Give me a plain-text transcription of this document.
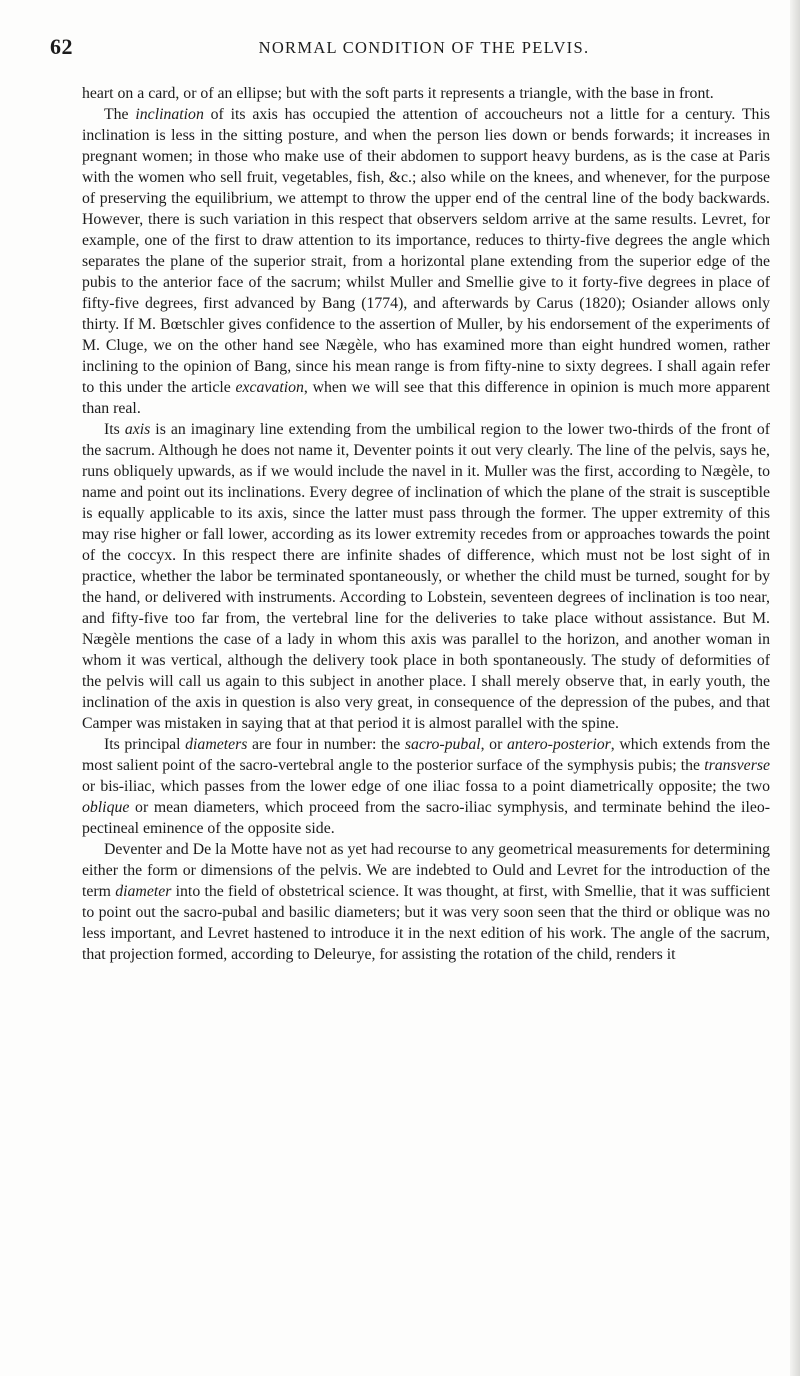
62	NORMAL CONDITION OF THE PELVIS.

heart on a card, or of an ellipse; but with the soft parts it represents a triangle, with the base in front.

The inclination of its axis has occupied the attention of accoucheurs not a little for a century. This inclination is less in the sitting posture, and when the person lies down or bends forwards; it increases in pregnant women; in those who make use of their abdomen to support heavy burdens, as is the case at Paris with the women who sell fruit, vegetables, fish, &c.; also while on the knees, and whenever, for the purpose of preserving the equilibrium, we attempt to throw the upper end of the central line of the body backwards. However, there is such variation in this respect that observers seldom arrive at the same results. Levret, for example, one of the first to draw attention to its importance, reduces to thirty-five degrees the angle which separates the plane of the superior strait, from a horizontal plane extending from the superior edge of the pubis to the anterior face of the sacrum; whilst Muller and Smellie give to it forty-five degrees in place of fifty-five degrees, first advanced by Bang (1774), and afterwards by Carus (1820); Osiander allows only thirty. If M. Bœtschler gives confidence to the assertion of Muller, by his endorsement of the experiments of M. Cluge, we on the other hand see Nægèle, who has examined more than eight hundred women, rather inclining to the opinion of Bang, since his mean range is from fifty-nine to sixty degrees. I shall again refer to this under the article excavation, when we will see that this difference in opinion is much more apparent than real.

Its axis is an imaginary line extending from the umbilical region to the lower two-thirds of the front of the sacrum. Although he does not name it, Deventer points it out very clearly. The line of the pelvis, says he, runs obliquely upwards, as if we would include the navel in it. Muller was the first, according to Nægèle, to name and point out its inclinations. Every degree of inclination of which the plane of the strait is susceptible is equally applicable to its axis, since the latter must pass through the former. The upper extremity of this may rise higher or fall lower, according as its lower extremity recedes from or approaches towards the point of the coccyx. In this respect there are infinite shades of difference, which must not be lost sight of in practice, whether the labor be terminated spontaneously, or whether the child must be turned, sought for by the hand, or delivered with instruments. According to Lobstein, seventeen degrees of inclination is too near, and fifty-five too far from, the vertebral line for the deliveries to take place without assistance. But M. Nægèle mentions the case of a lady in whom this axis was parallel to the horizon, and another woman in whom it was vertical, although the delivery took place in both spontaneously. The study of deformities of the pelvis will call us again to this subject in another place. I shall merely observe that, in early youth, the inclination of the axis in question is also very great, in consequence of the depression of the pubes, and that Camper was mistaken in saying that at that period it is almost parallel with the spine.

Its principal diameters are four in number: the sacro-pubal, or antero-posterior, which extends from the most salient point of the sacro-vertebral angle to the posterior surface of the symphysis pubis; the transverse or bis-iliac, which passes from the lower edge of one iliac fossa to a point diametrically opposite; the two oblique or mean diameters, which proceed from the sacro-iliac symphysis, and terminate behind the ileo-pectineal eminence of the opposite side.

Deventer and De la Motte have not as yet had recourse to any geometrical measurements for determining either the form or dimensions of the pelvis. We are indebted to Ould and Levret for the introduction of the term diameter into the field of obstetrical science. It was thought, at first, with Smellie, that it was sufficient to point out the sacro-pubal and basilic diameters; but it was very soon seen that the third or oblique was no less important, and Levret hastened to introduce it in the next edition of his work. The angle of the sacrum, that projection formed, according to Deleurye, for assisting the rotation of the child, renders it
